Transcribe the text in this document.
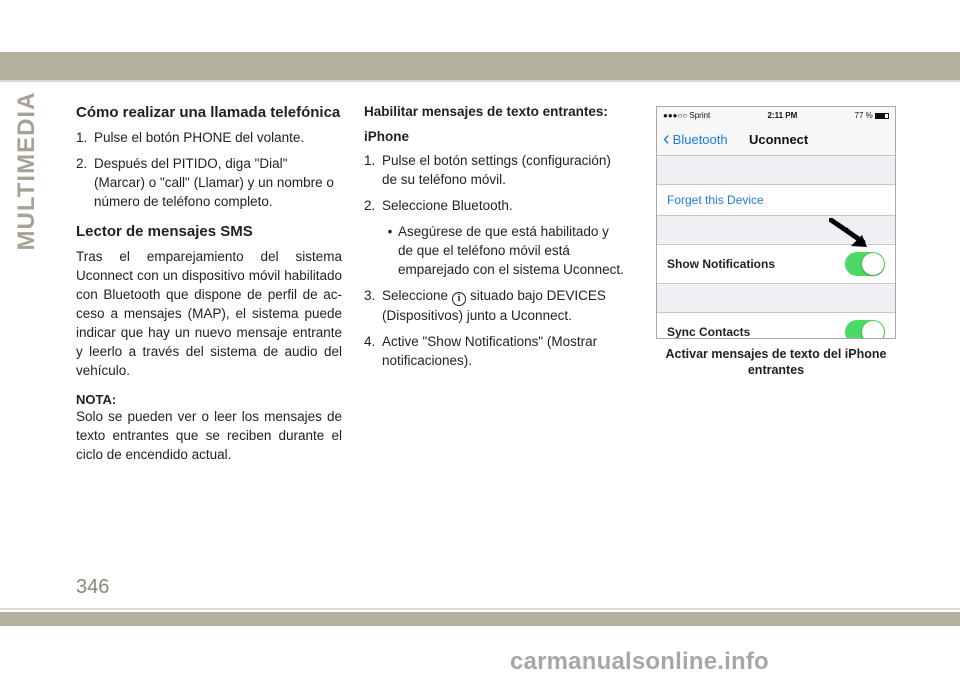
MULTIMEDIA Cómo realizar una llamada telefónica
1. Pulse el botón PHONE del volante.
2. Después del PITIDO, diga "Dial" (Marcar) o "call" (Llamar) y un nombre o número de teléfono completo.
Lector de mensajes SMS

Tras el emparejamiento del sistema Uconnect con un dispositivo móvil habilitado con Bluetooth que dispone de perfil de ac-ceso a mensajes (MAP), el sistema puede indicar que hay un nuevo mensaje entrante y leerlo a través del sistema de audio del vehículo.

NOTA:

Solo se pueden ver o leer los mensajes de texto entrantes que se reciben durante el ciclo de encendido actual.

Habilitar mensajes de texto entrantes:
iPhone
1. Pulse el botón settings (configuración) de su teléfono móvil.
2. Seleccione Bluetooth.
• Asegúrese de que está habilitado y de que el teléfono móvil está emparejado con el sistema Uconnect.
3. Seleccione i situado bajo DEVICES (Dispositivos) junto a Uconnect.
4. Active "Show Notifications" (Mostrar notificaciones).
●●●○○ Sprint	2:11 PM	77 %
‹ Bluetooth Uconnect
Forget this Device
Show Notifications
Sync Contacts
Activar mensajes de texto del iPhone entrantes
346
carmanualsonline.info
